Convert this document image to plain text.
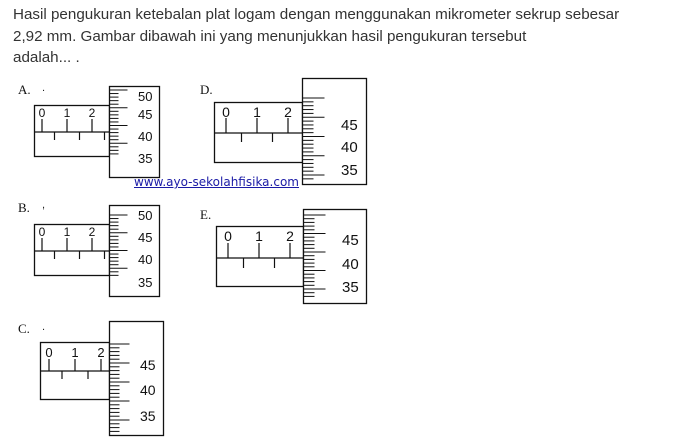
Hasil pengukuran ketebalan plat logam dengan menggunakan mikrometer sekrup sebesar
2,92 mm. Gambar dibawah ini yang menunjukkan hasil pengukuran tersebut
adalah... .
A. .
0 1 2
50
45
40
35
www.ayo-sekolahfisika.com
D.
0 1 2
45
40
35
B. ,
0 1 2
50
45
40
35
E.
0 1 2	45
40
35
C. .
0 1 2
45
40
35
